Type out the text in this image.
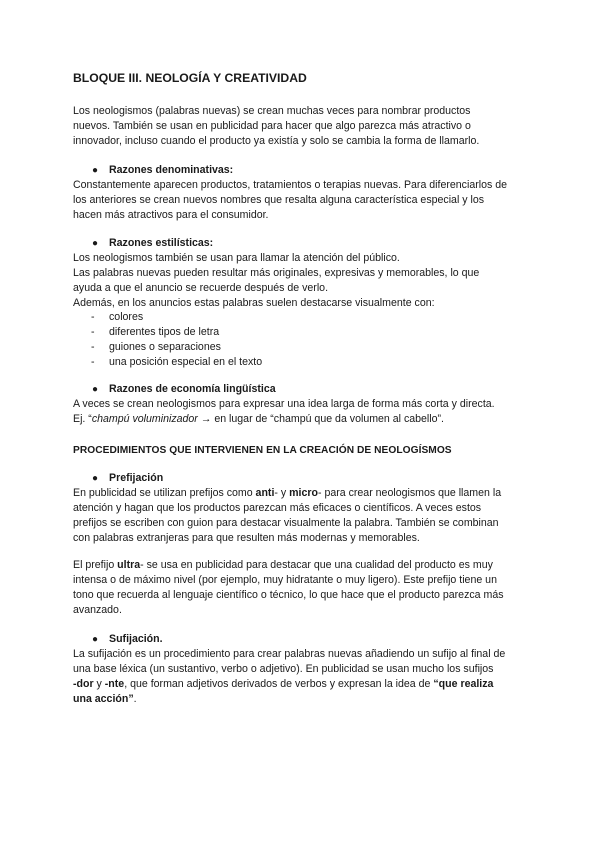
BLOQUE III. NEOLOGÍA Y CREATIVIDAD
Los neologismos (palabras nuevas) se crean muchas veces para nombrar productos
nuevos. También se usan en publicidad para hacer que algo parezca más atractivo o
innovador, incluso cuando el producto ya existía y solo se cambia la forma de llamarlo.
● Razones denominativas:
Constantemente aparecen productos, tratamientos o terapias nuevas. Para diferenciarlos de
los anteriores se crean nuevos nombres que resalta alguna característica especial y los
hacen más atractivos para el consumidor.
● Razones estilísticas:
Los neologismos también se usan para llamar la atención del público.
Las palabras nuevas pueden resultar más originales, expresivas y memorables, lo que
ayuda a que el anuncio se recuerde después de verlo.
Además, en los anuncios estas palabras suelen destacarse visualmente con:
- colores
- diferentes tipos de letra
- guiones o separaciones
- una posición especial en el texto
● Razones de economía lingüística
A veces se crean neologismos para expresar una idea larga de forma más corta y directa.
Ej. “champú voluminizador → en lugar de “champú que da volumen al cabello”.
PROCEDIMIENTOS QUE INTERVIENEN EN LA CREACIÓN DE NEOLOGÍSMOS
● Prefijación
En publicidad se utilizan prefijos como anti- y micro- para crear neologismos que llamen la
atención y hagan que los productos parezcan más eficaces o científicos. A veces estos
prefijos se escriben con guion para destacar visualmente la palabra. También se combinan
con palabras extranjeras para que resulten más modernas y memorables.
El prefijo ultra- se usa en publicidad para destacar que una cualidad del producto es muy
intensa o de máximo nivel (por ejemplo, muy hidratante o muy ligero). Este prefijo tiene un
tono que recuerda al lenguaje científico o técnico, lo que hace que el producto parezca más
avanzado.
● Sufijación.
La sufijación es un procedimiento para crear palabras nuevas añadiendo un sufijo al final de
una base léxica (un sustantivo, verbo o adjetivo). En publicidad se usan mucho los sufijos
-dor y -nte, que forman adjetivos derivados de verbos y expresan la idea de “que realiza
una acción”.
